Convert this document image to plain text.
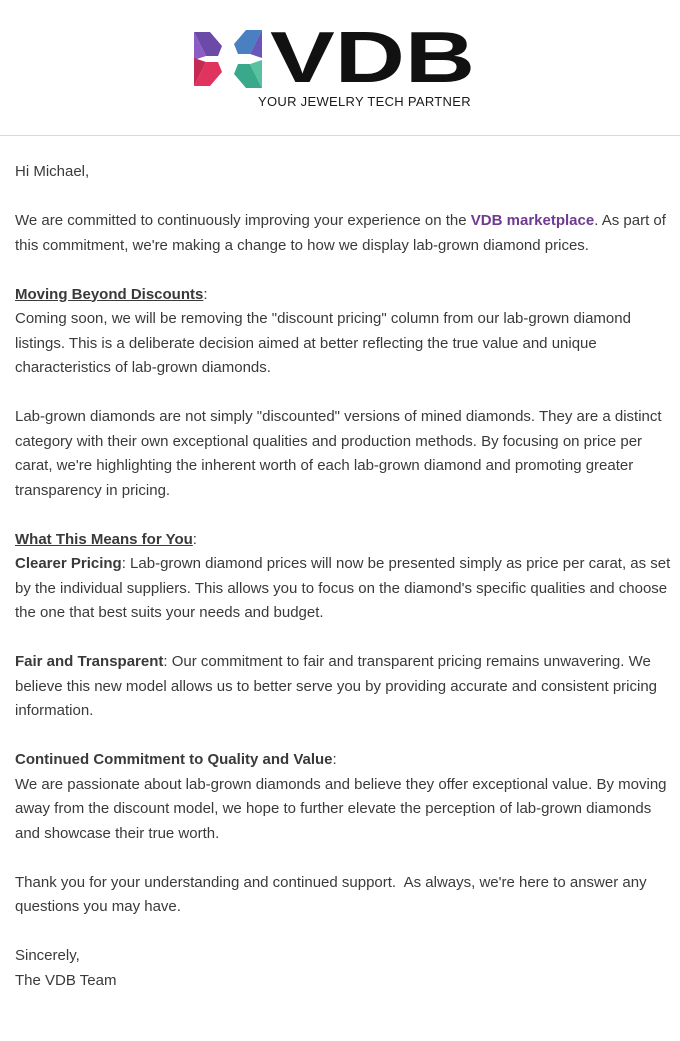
VDB
YOUR JEWELRY TECH PARTNER

Hi Michael,

We are committed to continuously improving your experience on the VDB marketplace. As part of this commitment, we're making a change to how we display lab-grown diamond prices.

Moving Beyond Discounts:
Coming soon, we will be removing the "discount pricing" column from our lab-grown diamond listings. This is a deliberate decision aimed at better reflecting the true value and unique characteristics of lab-grown diamonds.

Lab-grown diamonds are not simply "discounted" versions of mined diamonds. They are a distinct category with their own exceptional qualities and production methods. By focusing on price per carat, we're highlighting the inherent worth of each lab-grown diamond and promoting greater transparency in pricing.

What This Means for You:
Clearer Pricing: Lab-grown diamond prices will now be presented simply as price per carat, as set by the individual suppliers. This allows you to focus on the diamond's specific qualities and choose the one that best suits your needs and budget.

Fair and Transparent: Our commitment to fair and transparent pricing remains unwavering. We believe this new model allows us to better serve you by providing accurate and consistent pricing information.

Continued Commitment to Quality and Value:
We are passionate about lab-grown diamonds and believe they offer exceptional value. By moving away from the discount model, we hope to further elevate the perception of lab-grown diamonds and showcase their true worth.

Thank you for your understanding and continued support.  As always, we're here to answer any questions you may have.

Sincerely,
The VDB Team
